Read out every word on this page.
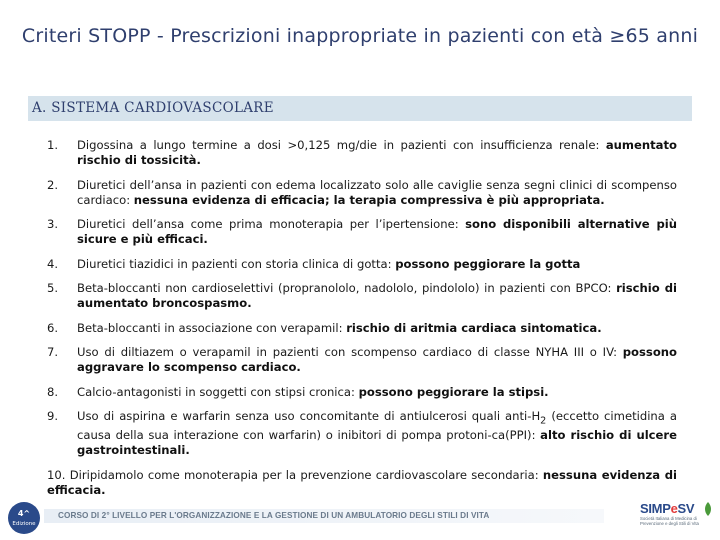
Criteri STOPP - Prescrizioni inappropriate in pazienti con età ≥65 anni
A. SISTEMA CARDIOVASCOLARE
1. Digossina a lungo termine a dosi >0,125 mg/die in pazienti con insufficienza renale: aumentato rischio di tossicità.
2. Diuretici dell’ansa in pazienti con edema localizzato solo alle caviglie senza segni clinici di scompenso cardiaco: nessuna evidenza di efficacia; la terapia compressiva è più appropriata.
3. Diuretici dell’ansa come prima monoterapia per l’ipertensione: sono disponibili alternative più sicure e più efficaci.
4. Diuretici tiazidici in pazienti con storia clinica di gotta: possono peggiorare la gotta
5. Beta-bloccanti non cardioselettivi (propranololo, nadololo, pindololo) in pazienti con BPCO: rischio di aumentato broncospasmo.
6. Beta-bloccanti in associazione con verapamil: rischio di aritmia cardiaca sintomatica.
7. Uso di diltiazem o verapamil in pazienti con scompenso cardiaco di classe NYHA III o IV: possono aggravare lo scompenso cardiaco.
8. Calcio-antagonisti in soggetti con stipsi cronica: possono peggiorare la stipsi.
9. Uso di aspirina e warfarin senza uso concomitante di antiulcerosi quali anti-$H_2$ (eccetto cimetidina a causa della sua interazione con warfarin) o inibitori di pompa protoni-ca(PPI): alto rischio di ulcere gastrointestinali.
10. Diripidamolo come monoterapia per la prevenzione cardiovascolare secondaria: nessuna evidenza di efficacia.
4^
Edizione
CORSO DI 2° LIVELLO PER L'ORGANIZZAZIONE E LA GESTIONE DI UN AMBULATORIO DEGLI STILI DI VITA	SIMPeSV
Società Italiana di Medicina di Prevenzione e degli Stili di Vita
